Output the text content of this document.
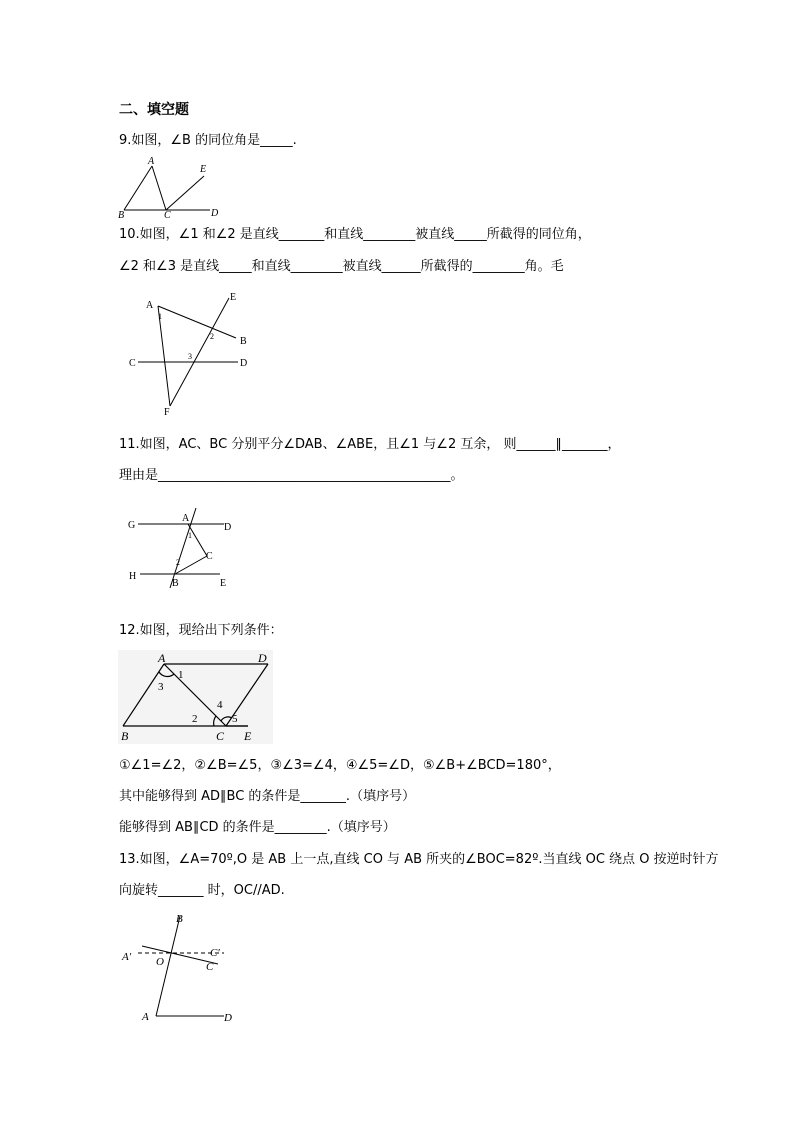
二、填空题
9.如图，∠B 的同位角是_____.
A
B	C	D
E
10.如图，∠1 和∠2 是直线_______和直线________被直线_____所截得的同位角，
∠2 和∠3 是直线_____和直线________被直线______所截得的________角。毛
A
B
C	D
E
F
1
2
3
11.如图，AC、BC 分别平分∠DAB、∠ABE，且∠1 与∠2 互余， 则______∥_______，
理由是_____________________________________________。
G
A
D
C
H
B	E
1
2
12.如图，现给出下列条件：
A	D
B	C E
1
3
4
2	5
①∠1=∠2，②∠B=∠5，③∠3=∠4，④∠5=∠D，⑤∠B+∠BCD=180°，
其中能够得到 AD∥BC 的条件是_______.（填序号）
能够得到 AB∥CD 的条件是________.（填序号）
13.如图，∠A=70º,O 是 AB 上一点,直线 CO 与 AB 所夹的∠BOC=82º.当直线 OC 绕点 O 按逆时针方
向旋转_______ 时，OC//AD.
B
A′	C′
O	C
A	D
